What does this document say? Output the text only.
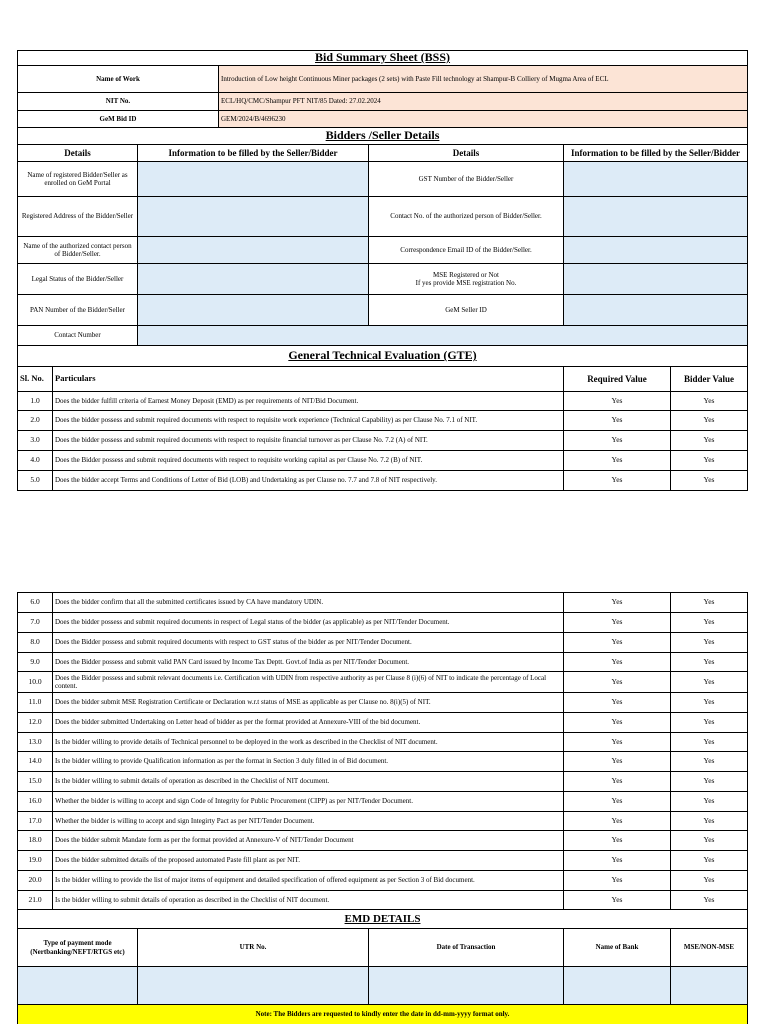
Bid Summary Sheet (BSS)						
Name of Work			Introduction of Low height Continuous Miner packages (2 sets) with Paste Fill technology at Shampur-B Colliery of Mugma Area of ECL			
NIT No.			ECL/HQ/CMC/Shampur PFT NIT/85 Dated: 27.02.2024			
GeM Bid ID			GEM/2024/B/4696230			
Bidders /Seller Details						
Details		Information to be filled by the Seller/Bidder		Details	Information to be filled by the Seller/Bidder	
Name of registered Bidder/Seller as enrolled on GeM Portal				GST Number of the Bidder/Seller		
Registered Address of the Bidder/Seller				Contact No. of the authorized person of Bidder/Seller.		
Name of the authorized contact person of Bidder/Seller.				Correspondence Email ID of the Bidder/Seller.		
Legal Status of the Bidder/Seller				MSE Registered or Not
If yes provide MSE registration No.		
PAN Number of the Bidder/Seller				GeM Seller ID		
Contact Number						
General Technical Evaluation (GTE)						
Sl. No.	Particulars				Required Value	Bidder Value
1.0	Does the bidder fulfill criteria of Earnest Money Deposit (EMD) as per requirements of NIT/Bid Document.				Yes	Yes
2.0	Does the bidder possess and submit required documents with respect to requisite work experience (Technical Capability) as per Clause No. 7.1 of NIT.				Yes	Yes
3.0	Does the bidder possess and submit required documents with respect to requisite financial turnover as per Clause No. 7.2 (A) of NIT.				Yes	Yes
4.0	Does the Bidder possess and submit required documents with respect to requisite working capital as per Clause No. 7.2 (B) of NIT.				Yes	Yes
5.0	Does the bidder accept Terms and Conditions of Letter of Bid (LOB) and Undertaking as per Clause no. 7.7 and 7.8 of NIT respectively.				Yes	Yes
6.0	Does the bidder confirm that all the submitted certificates issued by CA have mandatory UDIN.			Yes	Yes
7.0	Does the bidder possess and submit required documents in respect of Legal status of the bidder (as applicable) as per NIT/Tender Document.			Yes	Yes
8.0	Does the Bidder possess and submit required documents with respect to GST status of the bidder as per NIT/Tender Document.			Yes	Yes
9.0	Does the Bidder possess and submit valid PAN Card issued by Income Tax Deptt. Govt.of India as per NIT/Tender Document.			Yes	Yes
10.0	Does the Bidder possess and submit relevant documents i.e. Certification with UDIN from respective authority as per Clause 8 (i)(6) of NIT to indicate the percentage of Local content.			Yes	Yes
11.0	Does the bidder submit MSE Registration Certificate or Declaration w.r.t status of MSE as applicable as per Clause no. 8(i)(5) of NIT.			Yes	Yes
12.0	Does the bidder submitted Undertaking on Letter head of bidder as per the format provided at Annexure-VIII of the bid document.			Yes	Yes
13.0	Is the bidder willing to provide details of Technical personnel to be deployed in the work as described in the Checklist of NIT document.			Yes	Yes
14.0	Is the bidder willing to provide Qualification information as per the format in Section 3 duly filled in of Bid document.			Yes	Yes
15.0	Is the bidder willing to submit details of operation as described in the Checklist of NIT document.			Yes	Yes
16.0	Whether the bidder is willing to accept and sign Code of Integrity for Public Procurement (CIPP) as per NIT/Tender Document.			Yes	Yes
17.0	Whether the bidder is willing to accept and sign Integirty Pact as per NIT/Tender Document.			Yes	Yes
18.0	Does the bidder submit Mandate form as per the format provided at Annexure-V of NIT/Tender Document			Yes	Yes
19.0	Does the bidder submitted details of the proposed automated Paste fill plant as per NIT.			Yes	Yes
20.0	Is the bidder willing to provide the list of major items of equipment and detailed specification of offered equipment as per Section 3 of Bid document.			Yes	Yes
21.0	Is the bidder willing to submit details of operation as described in the Checklist of NIT document.			Yes	Yes
EMD DETAILS					
Type of payment mode (Nertbanking/NEFT/RTGS etc)		UTR No.	Date of Transaction	Name of Bank	MSE/NON-MSE

Note: The Bidders are requested to kindly enter the date in dd-mm-yyyy format only.					
